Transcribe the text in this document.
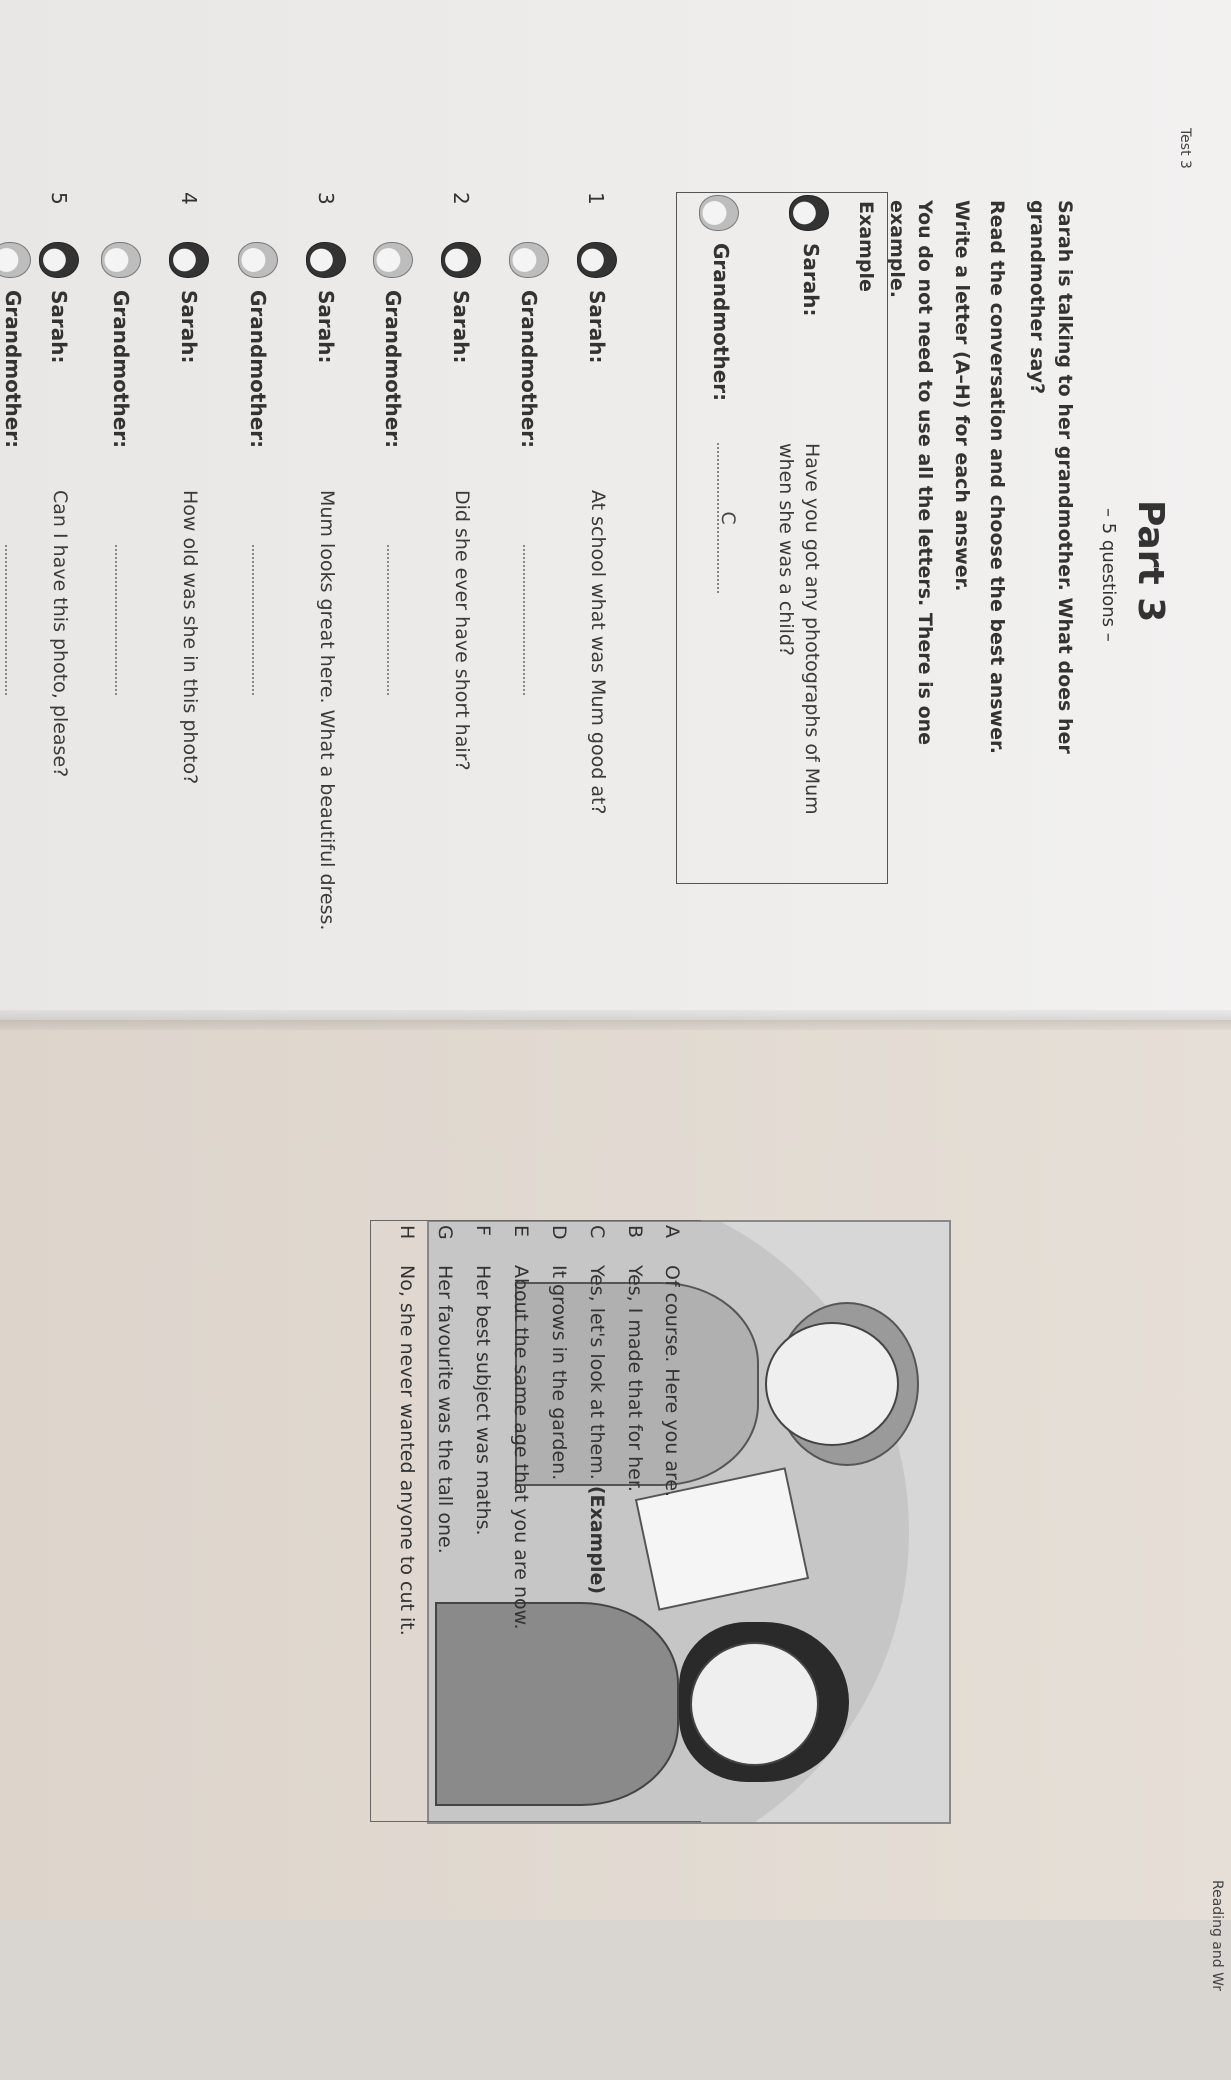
Test 3
Reading and Wr
Part 3
– 5 questions –
Sarah is talking to her grandmother. What does her grandmother say?
Read the conversation and choose the best answer.
Write a letter (A–H) for each answer.
You do not need to use all the letters. There is one example.
Example
Sarah:
Have you got any photographs of Mum when she was a child?
Grandmother:
C
1
Sarah:
At school what was Mum good at?
Grandmother:
2
Sarah:
Did she ever have short hair?
Grandmother:
3
Sarah:
Mum looks great here. What a beautiful dress.
Grandmother:
4
Sarah:
How old was she in this photo?
Grandmother:
5
Sarah:
Can I have this photo, please?
Grandmother:
AOf course. Here you are.
BYes, I made that for her.
CYes, let's look at them. (Example)
DIt grows in the garden.
EAbout the same age that you are now.
FHer best subject was maths.
GHer favourite was the tall one.
HNo, she never wanted anyone to cut it.
